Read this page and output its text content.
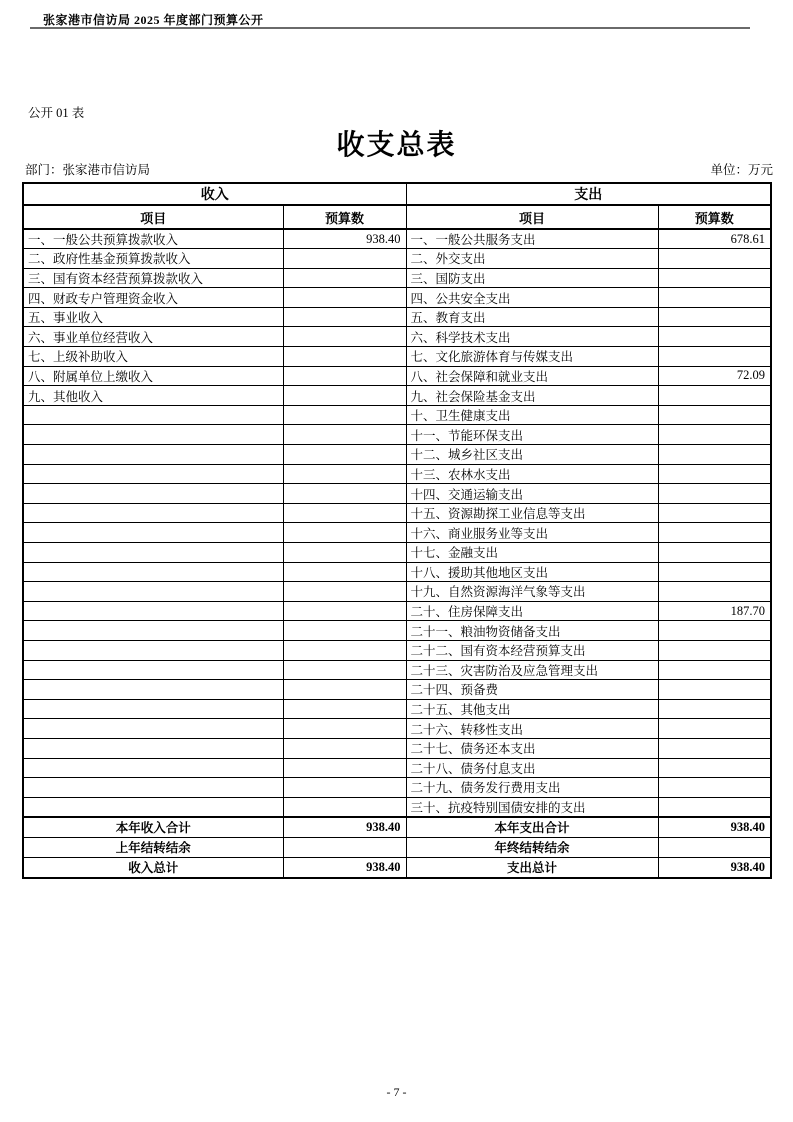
张家港市信访局 2025 年度部门预算公开
公开 01 表
收支总表
部门：张家港市信访局	单位：万元
收入		支出	
项目	预算数	项目	预算数
一、一般公共预算拨款收入	938.40	一、一般公共服务支出	678.61
二、政府性基金预算拨款收入		二、外交支出	
三、国有资本经营预算拨款收入		三、国防支出	
四、财政专户管理资金收入		四、公共安全支出	
五、事业收入		五、教育支出	
六、事业单位经营收入		六、科学技术支出	
七、上级补助收入		七、文化旅游体育与传媒支出	
八、附属单位上缴收入		八、社会保障和就业支出	72.09
九、其他收入		九、社会保险基金支出	
		十、卫生健康支出	
		十一、节能环保支出	
		十二、城乡社区支出	
		十三、农林水支出	
		十四、交通运输支出	
		十五、资源勘探工业信息等支出	
		十六、商业服务业等支出	
		十七、金融支出	
		十八、援助其他地区支出	
		十九、自然资源海洋气象等支出	
		二十、住房保障支出	187.70
		二十一、粮油物资储备支出	
		二十二、国有资本经营预算支出	
		二十三、灾害防治及应急管理支出	
		二十四、预备费	
		二十五、其他支出	
		二十六、转移性支出	
		二十七、债务还本支出	
		二十八、债务付息支出	
		二十九、债务发行费用支出	
		三十、抗疫特别国债安排的支出	
本年收入合计	938.40	本年支出合计	938.40
上年结转结余		年终结转结余	
收入总计	938.40	支出总计	938.40
- 7 -
